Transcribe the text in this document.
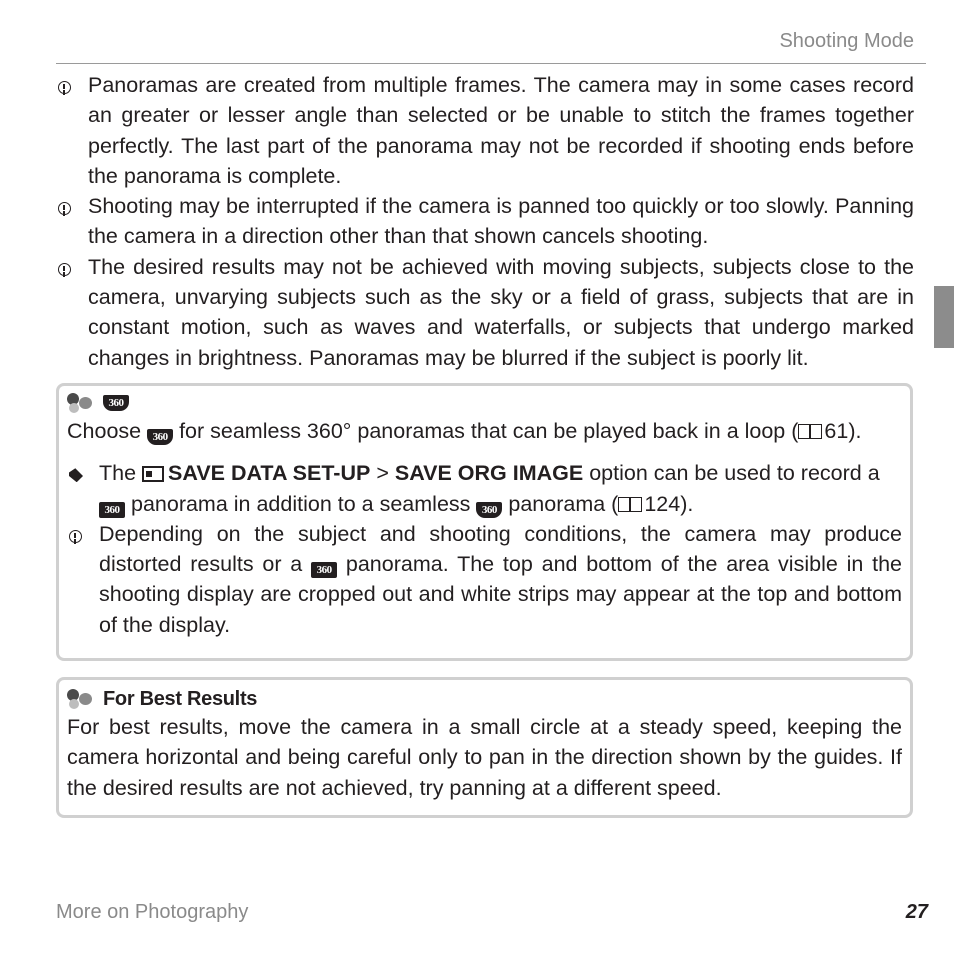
Shooting Mode
Panoramas are created from multiple frames. The camera may in some cases record an greater or lesser angle than selected or be unable to stitch the frames together perfectly. The last part of the panorama may not be recorded if shooting ends before the panorama is complete.
Shooting may be interrupted if the camera is panned too quickly or too slowly. Panning the camera in a direction other than that shown cancels shooting.
The desired results may not be achieved with moving subjects, subjects close to the camera, unvarying subjects such as the sky or a field of grass, subjects that are in constant motion, such as waves and waterfalls, or subjects that undergo marked changes in brightness. Panoramas may be blurred if the subject is poorly lit.
360
Choose 360 for seamless 360° panoramas that can be played back in a loop ( 61).
The SAVE DATA SET-UP > SAVE ORG IMAGE option can be used to record a
360 panorama in addition to a seamless 360 panorama ( 124).
Depending on the subject and shooting conditions, the camera may produce distorted results or a 360 panorama. The top and bottom of the area visible in the shooting display are cropped out and white strips may appear at the top and bottom of the display.
For Best Results
For best results, move the camera in a small circle at a steady speed, keeping the camera horizontal and being careful only to pan in the direction shown by the guides. If the desired results are not achieved, try panning at a different speed.
More on Photography	27
